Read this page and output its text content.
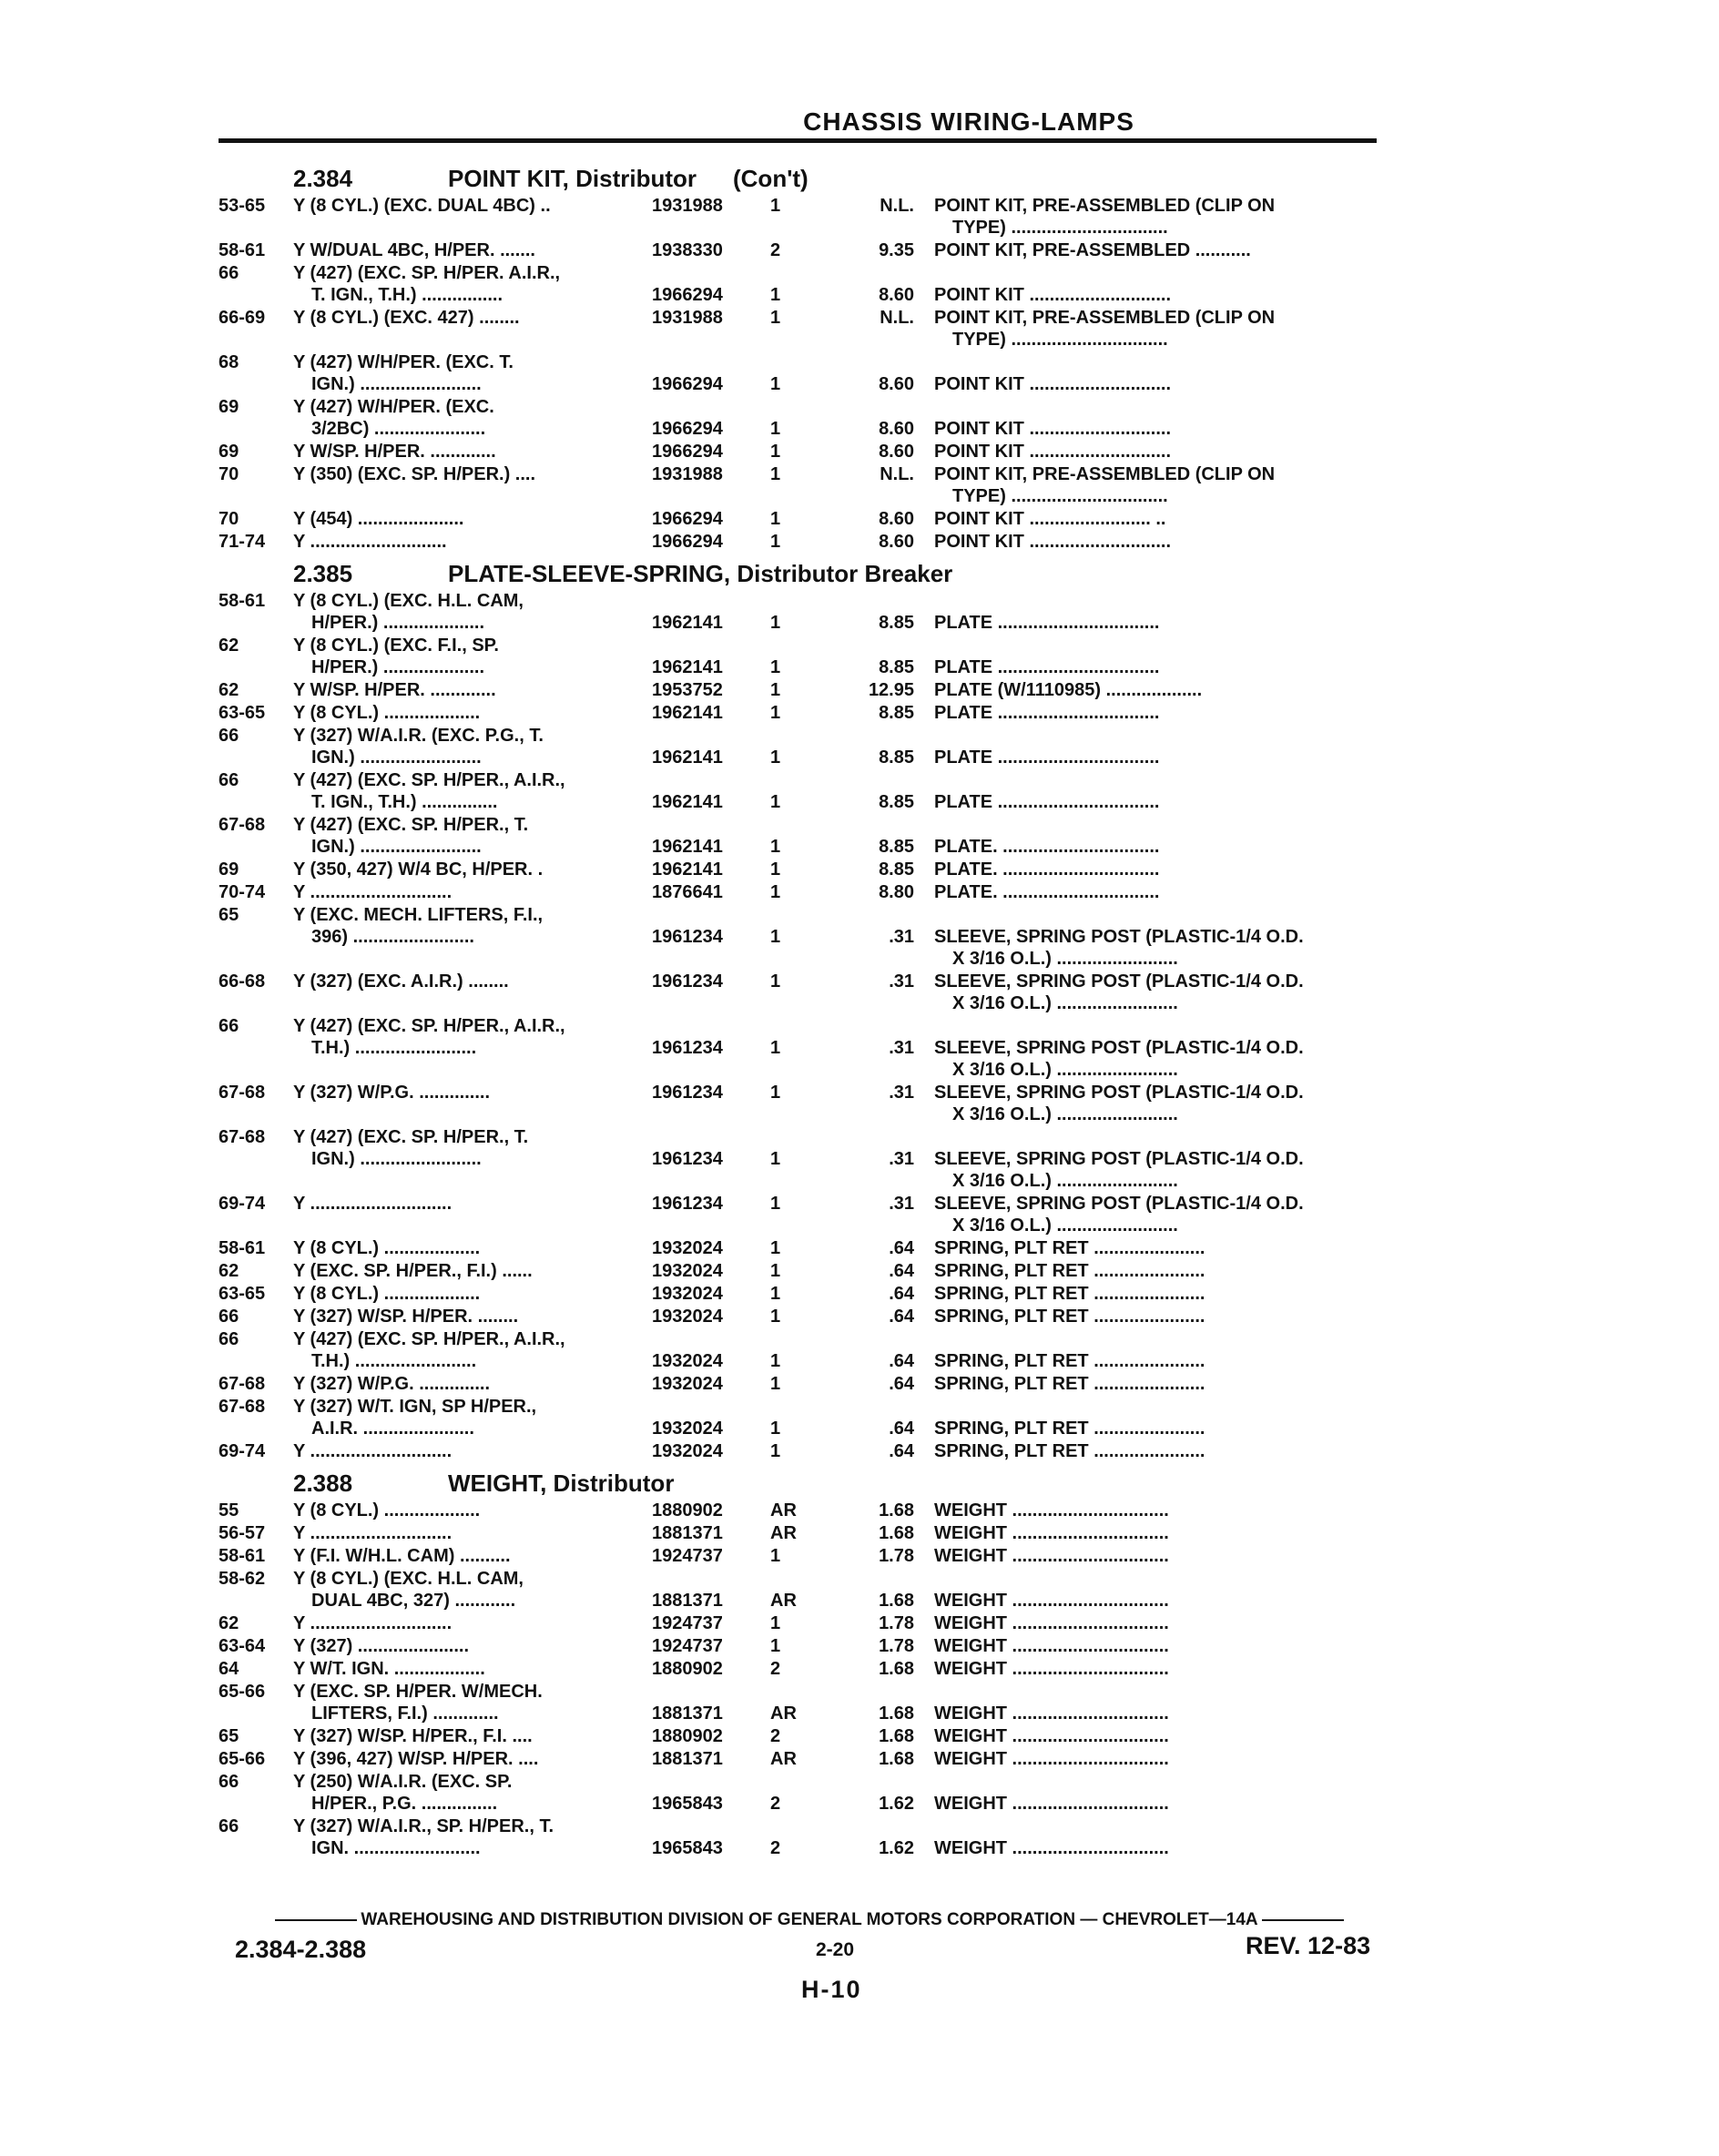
CHASSIS WIRING-LAMPS
2.384	POINT KIT, Distributor	(Con't)
53-65	Y (8 CYL.) (EXC. DUAL 4BC) ..	1931988	1	N.L. POINT KIT, PRE-ASSEMBLED (CLIP ON
TYPE) ...............................
58-61	Y W/DUAL 4BC, H/PER. .......	1938330	2	9.35 POINT KIT, PRE-ASSEMBLED ...........
66	Y (427) (EXC. SP. H/PER. A.I.R.,
T. IGN., T.H.) ................	1966294	1	8.60 POINT KIT ............................
66-69	Y (8 CYL.) (EXC. 427) ........	1931988	1	N.L. POINT KIT, PRE-ASSEMBLED (CLIP ON
TYPE) ...............................
68	Y (427) W/H/PER. (EXC. T.
IGN.) ........................	1966294	1	8.60 POINT KIT ............................
69	Y (427) W/H/PER. (EXC.
3/2BC) ......................	1966294	1	8.60 POINT KIT ............................
69	Y W/SP. H/PER. .............	1966294	1	8.60 POINT KIT ............................
70	Y (350) (EXC. SP. H/PER.) ....	1931988	1	N.L. POINT KIT, PRE-ASSEMBLED (CLIP ON
TYPE) ...............................
70	Y (454) .....................	1966294	1	8.60 POINT KIT ........................ ..
71-74	Y ...........................	1966294	1	8.60 POINT KIT ............................
2.385	PLATE-SLEEVE-SPRING, Distributor Breaker
58-61	Y (8 CYL.) (EXC. H.L. CAM,
H/PER.) ....................	1962141	1	8.85 PLATE ................................
62	Y (8 CYL.) (EXC. F.I., SP.
H/PER.) ....................	1962141	1	8.85 PLATE ................................
62	Y W/SP. H/PER. .............	1953752	1	12.95 PLATE (W/1110985) ...................
63-65	Y (8 CYL.) ...................	1962141	1	8.85 PLATE ................................
66	Y (327) W/A.I.R. (EXC. P.G., T.
IGN.) ........................	1962141	1	8.85 PLATE ................................
66	Y (427) (EXC. SP. H/PER., A.I.R.,
T. IGN., T.H.) ...............	1962141	1	8.85 PLATE ................................
67-68	Y (427) (EXC. SP. H/PER., T.
IGN.) ........................	1962141	1	8.85 PLATE. ...............................
69	Y (350, 427) W/4 BC, H/PER. .	1962141	1	8.85 PLATE. ...............................
70-74	Y ............................	1876641	1	8.80 PLATE. ...............................
65	Y (EXC. MECH. LIFTERS, F.I.,
396) ........................	1961234	1	.31 SLEEVE, SPRING POST (PLASTIC-1/4 O.D.
X 3/16 O.L.) ........................
66-68	Y (327) (EXC. A.I.R.) ........	1961234	1	.31 SLEEVE, SPRING POST (PLASTIC-1/4 O.D.
X 3/16 O.L.) ........................
66	Y (427) (EXC. SP. H/PER., A.I.R.,
T.H.) ........................	1961234	1	.31 SLEEVE, SPRING POST (PLASTIC-1/4 O.D.
X 3/16 O.L.) ........................
67-68	Y (327) W/P.G. ..............	1961234	1	.31 SLEEVE, SPRING POST (PLASTIC-1/4 O.D.
X 3/16 O.L.) ........................
67-68	Y (427) (EXC. SP. H/PER., T.
IGN.) ........................	1961234	1	.31 SLEEVE, SPRING POST (PLASTIC-1/4 O.D.
X 3/16 O.L.) ........................
69-74	Y ............................	1961234	1	.31 SLEEVE, SPRING POST (PLASTIC-1/4 O.D.
X 3/16 O.L.) ........................
58-61	Y (8 CYL.) ...................	1932024	1	.64 SPRING, PLT RET ......................
62	Y (EXC. SP. H/PER., F.I.) ......	1932024	1	.64 SPRING, PLT RET ......................
63-65	Y (8 CYL.) ...................	1932024	1	.64 SPRING, PLT RET ......................
66	Y (327) W/SP. H/PER. ........	1932024	1	.64 SPRING, PLT RET ......................
66	Y (427) (EXC. SP. H/PER., A.I.R.,
T.H.) ........................	1932024	1	.64 SPRING, PLT RET ......................
67-68	Y (327) W/P.G. ..............	1932024	1	.64 SPRING, PLT RET ......................
67-68	Y (327) W/T. IGN, SP H/PER.,
A.I.R. ......................	1932024	1	.64 SPRING, PLT RET ......................
69-74	Y ............................	1932024	1	.64 SPRING, PLT RET ......................
2.388	WEIGHT, Distributor
55	Y (8 CYL.) ...................	1880902	AR	1.68 WEIGHT ...............................
56-57	Y ............................	1881371	AR	1.68 WEIGHT ...............................
58-61	Y (F.I. W/H.L. CAM) ..........	1924737	1	1.78 WEIGHT ...............................
58-62	Y (8 CYL.) (EXC. H.L. CAM,
DUAL 4BC, 327) ............	1881371	AR	1.68 WEIGHT ...............................
62	Y ............................	1924737	1	1.78 WEIGHT ...............................
63-64	Y (327) ......................	1924737	1	1.78 WEIGHT ...............................
64	Y W/T. IGN. ..................	1880902	2	1.68 WEIGHT ...............................
65-66	Y (EXC. SP. H/PER. W/MECH.
LIFTERS, F.I.) .............	1881371	AR	1.68 WEIGHT ...............................
65	Y (327) W/SP. H/PER., F.I. ....	1880902	2	1.68 WEIGHT ...............................
65-66	Y (396, 427) W/SP. H/PER. ....	1881371	AR	1.68 WEIGHT ...............................
66	Y (250) W/A.I.R. (EXC. SP.
H/PER., P.G. ...............	1965843	2	1.62 WEIGHT ...............................
66	Y (327) W/A.I.R., SP. H/PER., T.
IGN. .........................	1965843	2	1.62 WEIGHT ...............................
WAREHOUSING AND DISTRIBUTION DIVISION OF GENERAL MOTORS CORPORATION — CHEVROLET—14A
2.384-2.388	2-20	REV. 12-83
H-10
